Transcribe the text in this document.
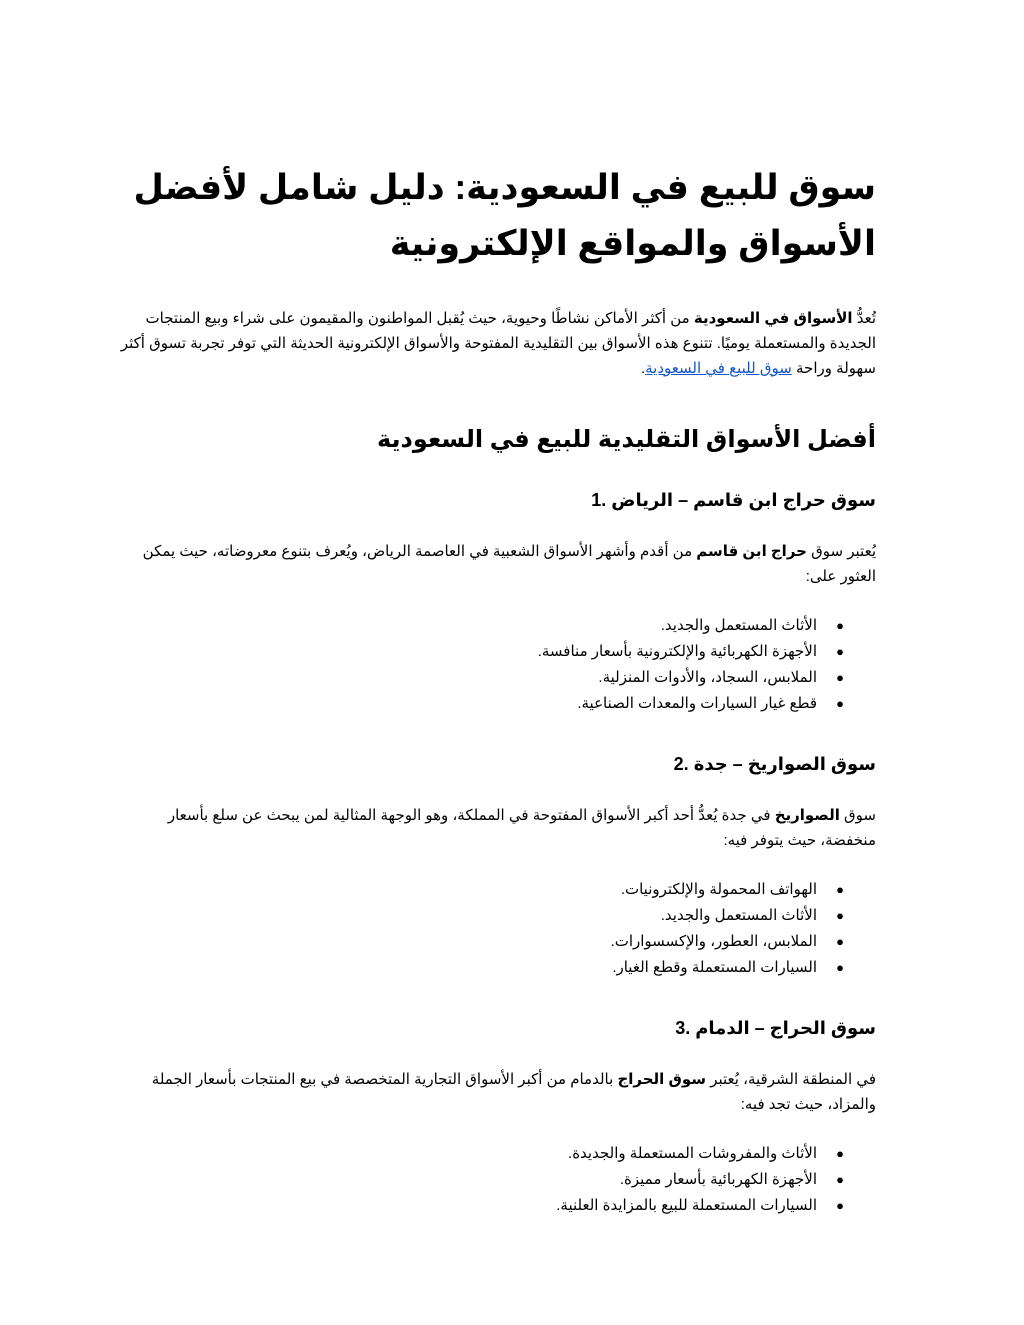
سوق للبيع في السعودية: دليل شامل لأفضل الأسواق والمواقع الإلكترونية

تُعدُّ الأسواق في السعودية من أكثر الأماكن نشاطًا وحيوية، حيث يُقبل المواطنون والمقيمون على شراء وبيع المنتجات الجديدة والمستعملة يوميًا. تتنوع هذه الأسواق بين التقليدية المفتوحة والأسواق الإلكترونية الحديثة التي توفر تجربة تسوق أكثر سهولة وراحة سوق للبيع في السعودية.

أفضل الأسواق التقليدية للبيع في السعودية
سوق حراج ابن قاسم – الرياض 1.

يُعتبر سوق حراج ابن قاسم من أقدم وأشهر الأسواق الشعبية في العاصمة الرياض، ويُعرف بتنوع معروضاته، حيث يمكن العثور على:

●
الأثاث المستعمل والجديد.
●
الأجهزة الكهربائية والإلكترونية بأسعار منافسة.
●
الملابس، السجاد، والأدوات المنزلية.
●
قطع غيار السيارات والمعدات الصناعية.
سوق الصواريخ – جدة 2.

سوق الصواريخ في جدة يُعدُّ أحد أكبر الأسواق المفتوحة في المملكة، وهو الوجهة المثالية لمن يبحث عن سلع بأسعار منخفضة، حيث يتوفر فيه:

●
الهواتف المحمولة والإلكترونيات.
●
الأثاث المستعمل والجديد.
●
الملابس، العطور، والإكسسوارات.
●
السيارات المستعملة وقطع الغيار.
سوق الحراج – الدمام 3.

في المنطقة الشرقية، يُعتبر سوق الحراج بالدمام من أكبر الأسواق التجارية المتخصصة في بيع المنتجات بأسعار الجملة والمزاد، حيث تجد فيه:

●
الأثاث والمفروشات المستعملة والجديدة.
●
الأجهزة الكهربائية بأسعار مميزة.
●
السيارات المستعملة للبيع بالمزايدة العلنية.
